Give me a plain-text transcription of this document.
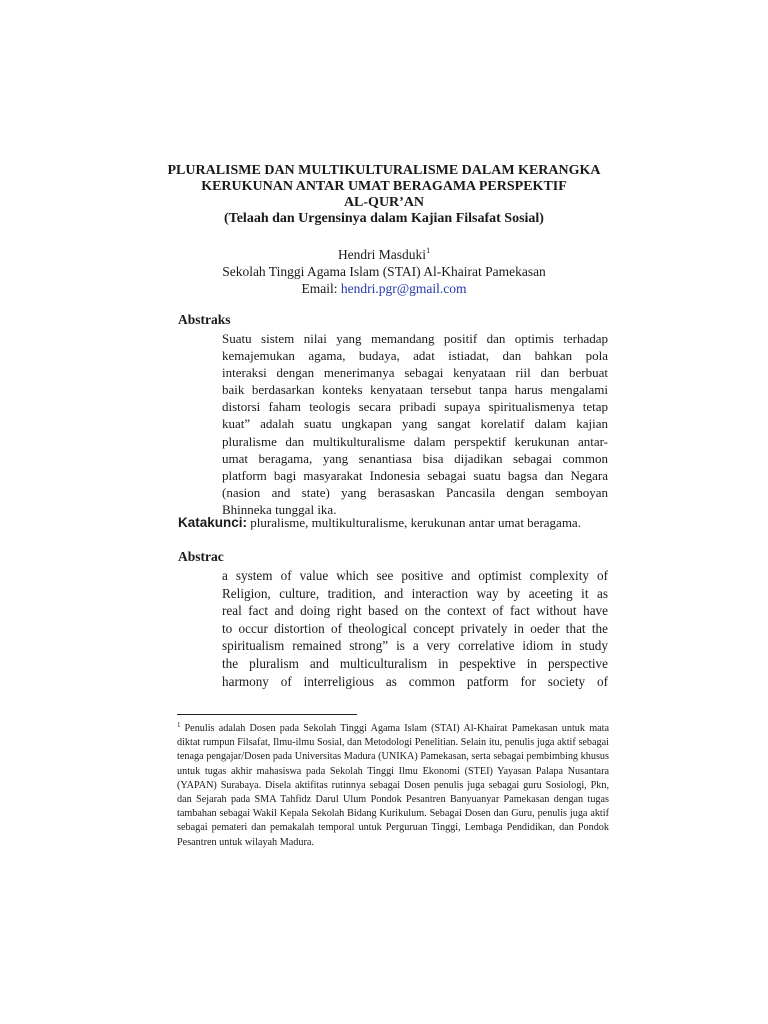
PLURALISME DAN MULTIKULTURALISME DALAM KERANGKA
KERUKUNAN ANTAR UMAT BERAGAMA PERSPEKTIF
AL-QUR’AN
(Telaah dan Urgensinya dalam Kajian Filsafat Sosial)
Hendri Masduki$^1$
Sekolah Tinggi Agama Islam (STAI) Al-Khairat Pamekasan
Email: hendri.pgr@gmail.com
Abstraks
Suatu sistem nilai yang memandang positif dan optimis terhadap
kemajemukan agama, budaya, adat istiadat, dan bahkan pola
interaksi dengan menerimanya sebagai kenyataan riil dan berbuat
baik berdasarkan konteks kenyataan tersebut tanpa harus mengalami
distorsi faham teologis secara pribadi supaya spiritualismenya tetap
kuat” adalah suatu ungkapan yang sangat korelatif dalam kajian
pluralisme dan multikulturalisme dalam perspektif kerukunan antar-
umat beragama, yang senantiasa bisa dijadikan sebagai common
platform bagi masyarakat Indonesia sebagai suatu bagsa dan Negara
(nasion and state) yang berasaskan Pancasila dengan semboyan
Bhinneka tunggal ika.
Katakunci: pluralisme, multikulturalisme, kerukunan antar umat beragama.
Abstrac
a system of value which see positive and optimist complexity of
Religion, culture, tradition, and interaction way by aceeting it as
real fact and doing right based on the context of fact without have
to occur distortion of theological concept privately in oeder that the
spiritualism remained strong” is a very correlative idiom in study
the pluralism and multiculturalism in pespektive in perspective
harmony of interreligious as common patform for society of
$^1$ Penulis adalah Dosen pada Sekolah Tinggi Agama Islam (STAI) Al-Khairat Pamekasan untuk mata diktat rumpun Filsafat, Ilmu-ilmu Sosial, dan Metodologi Penelitian. Selain itu, penulis juga aktif sebagai tenaga pengajar/Dosen pada Universitas Madura (UNIKA) Pamekasan, serta sebagai pembimbing khusus untuk tugas akhir mahasiswa pada Sekolah Tinggi Ilmu Ekonomi (STEI) Yayasan Palapa Nusantara (YAPAN) Surabaya. Disela aktifitas rutinnya sebagai Dosen penulis juga sebagai guru Sosiologi, Pkn, dan Sejarah pada SMA Tahfidz Darul Ulum Pondok Pesantren Banyuanyar Pamekasan dengan tugas tambahan sebagai Wakil Kepala Sekolah Bidang Kurikulum. Sebagai Dosen dan Guru, penulis juga aktif sebagai pemateri dan pemakalah temporal untuk Perguruan Tinggi, Lembaga Pendidikan, dan Pondok Pesantren untuk wilayah Madura.
